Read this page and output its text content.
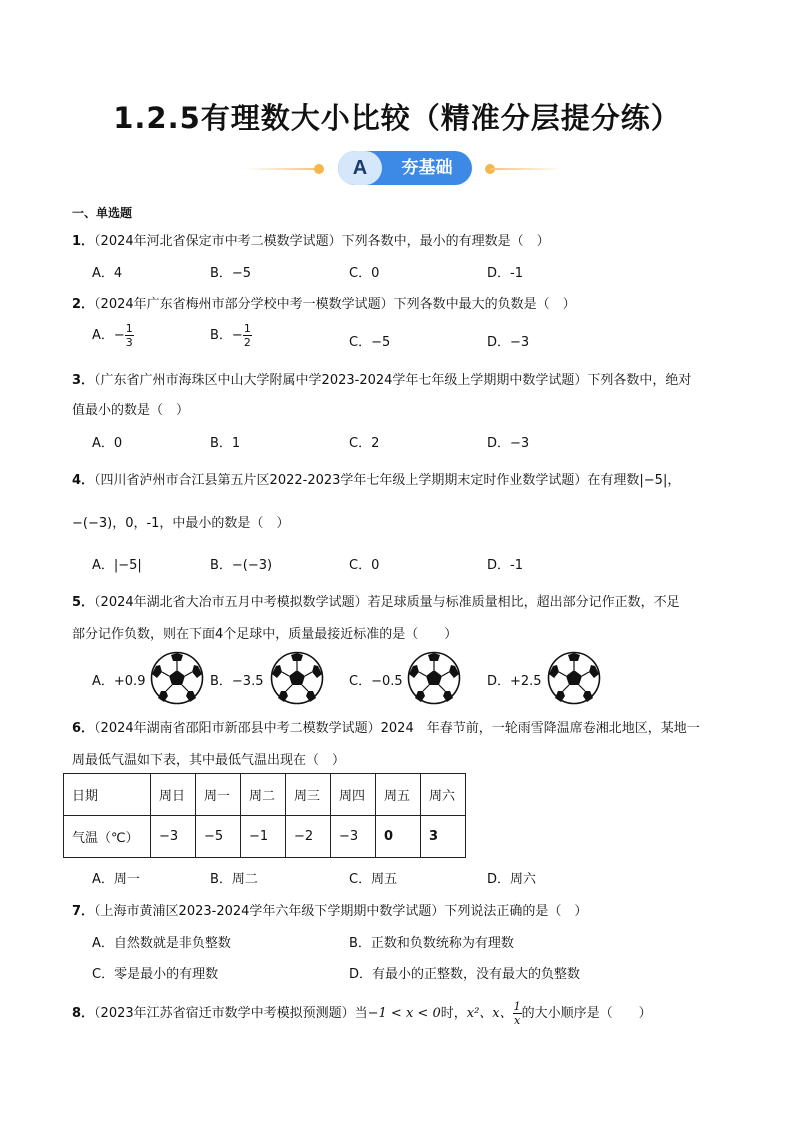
1.2.5有理数大小比较（精准分层提分练）
A	夯基础
一、单选题
1．（2024年河北省保定市中考二模数学试题）下列各数中，最小的有理数是（　）
A．4	B．−5	C．0	D．-1
2．（2024年广东省梅州市部分学校中考一模数学试题）下列各数中最大的负数是（　）
A．− $\frac{1}{3}$	B．− $\frac{1}{2}$	C．−5	D．−3
3．（广东省广州市海珠区中山大学附属中学2023-2024学年七年级上学期期中数学试题）下列各数中，绝对
值最小的数是（　）
A．0	B．1	C．2	D．−3
4．（四川省泸州市合江县第五片区2022-2023学年七年级上学期期末定时作业数学试题）在有理数|−5|，
−(−3)，0，-1，中最小的数是（　）
A．|−5|	B．−(−3)	C．0	D．-1
5．（2024年湖北省大冶市五月中考模拟数学试题）若足球质量与标准质量相比，超出部分记作正数，不足
部分记作负数，则在下面4个足球中，质量最接近标准的是（　　）
A．+0.9	B．−3.5	C．−0.5	D．+2.5
6．（2024年湖南省邵阳市新邵县中考二模数学试题）2024　年春节前，一轮雨雪降温席卷湘北地区，某地一
周最低气温如下表，其中最低气温出现在（　）
日期	周日	周一	周二	周三	周四	周五	周六
气温（℃）	−3	−5	−1	−2	−3	0	3
A．周一	B．周二	C．周五	D．周六
7．（上海市黄浦区2023-2024学年六年级下学期期中数学试题）下列说法正确的是（　）
A．自然数就是非负整数	B．正数和负数统称为有理数
C．零是最小的有理数	D．有最小的正整数，没有最大的负整数
8．（2023年江苏省宿迁市数学中考模拟预测题）当−1 < x < 0时，x²、x、 $\frac{1}{x}$ 的大小顺序是（　　）
